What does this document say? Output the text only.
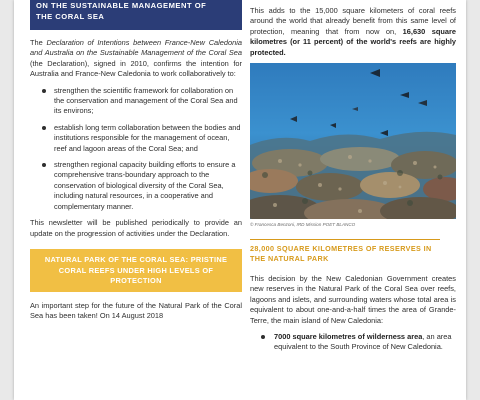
ON THE SUSTAINABLE MANAGEMENT OF
THE CORAL SEA

The Declaration of Intentions between France-New Caledonia and Australia on the Sustainable Management of the Coral Sea (the Declaration), signed in 2010, confirms the intention for Australia and France-New Caledonia to work collaboratively to:

strengthen the scientific framework for collaboration on the conservation and management of the Coral Sea and its environs;
establish long term collaboration between the bodies and institutions responsible for the management of ocean, reef and lagoon areas of the Coral Sea; and
strengthen regional capacity building efforts to ensure a comprehensive trans-boundary approach to the conservation of biological diversity of the Coral Sea, including natural resources, in a cooperative and complementary manner.

This newsletter will be published periodically to provide an update on the progression of activities under the Declaration.

NATURAL PARK OF THE CORAL SEA: PRISTINE CORAL REEFS UNDER HIGH LEVELS OF PROTECTION

An important step for the future of the Natural Park of the Coral Sea has been taken! On 14 August 2018

This adds to the 15,000 square kilometers of coral reefs around the world that already benefit from this same level of protection, meaning that from now on, 16,630 square kilometres (or 11 percent) of the world's reefs are highly protected.

© Francesca Benzoni, IRD Mission POET BLANCO
28,000 SQUARE KILOMETRES OF RESERVES IN THE NATURAL PARK

This decision by the New Caledonian Government creates new reserves in the Natural Park of the Coral Sea over reefs, lagoons and islets, and surrounding waters whose total area is equivalent to about one-and-a-half times the area of Grande-Terre, the main island of New Caledonia:

7000 square kilometres of wilderness area, an area equivalent to the South Province of New Caledonia.
